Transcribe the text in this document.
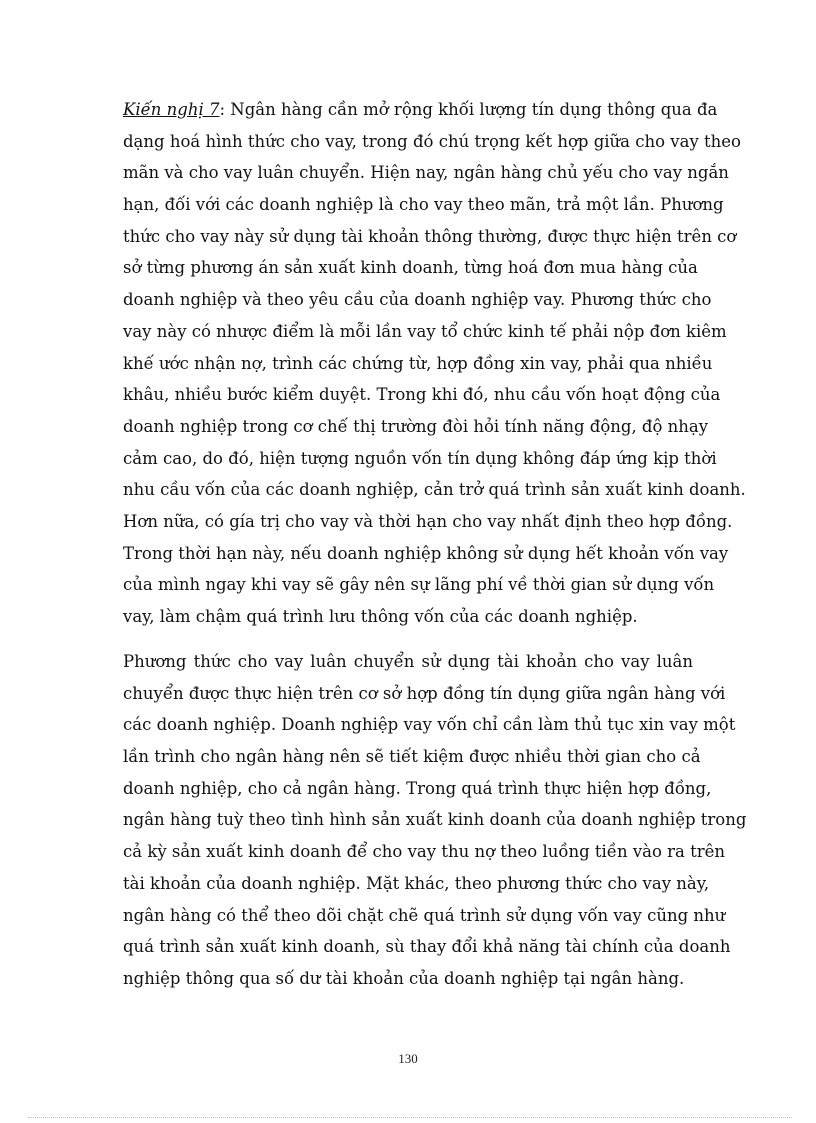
Kiến nghị 7: Ngân hàng cần mở rộng khối lượng tín dụng thông qua đa
dạng hoá hình thức cho vay, trong đó chú trọng kết hợp giữa cho vay theo
mãn và cho vay luân chuyển. Hiện nay, ngân hàng chủ yếu cho vay ngắn
hạn, đối với các doanh nghiệp là cho vay theo mãn, trả một lần. Phương
thức cho vay này sử dụng tài khoản thông thường, được thực hiện trên cơ
sở từng phương án sản xuất kinh doanh, từng hoá đơn mua hàng của
doanh nghiệp và theo yêu cầu của doanh nghiệp vay. Phương thức cho
vay này có nhược điểm là mỗi lần vay tổ chức kinh tế phải nộp đơn kiêm
khế ước nhận nợ, trình các chứng từ, hợp đồng xin vay, phải qua nhiều
khâu, nhiều bước kiểm duyệt. Trong khi đó, nhu cầu vốn hoạt động của
doanh nghiệp trong cơ chế thị trường đòi hỏi tính năng động, độ nhạy
cảm cao, do đó, hiện tượng nguồn vốn tín dụng không đáp ứng kịp thời
nhu cầu vốn của các doanh nghiệp, cản trở quá trình sản xuất kinh doanh.
Hơn nữa, có gía trị cho vay và thời hạn cho vay nhất định theo hợp đồng.
Trong thời hạn này, nếu doanh nghiệp không sử dụng hết khoản vốn vay
của mình ngay khi vay sẽ gây nên sự lãng phí về thời gian sử dụng vốn
vay, làm chậm quá trình lưu thông vốn của các doanh nghiệp.
Phương thức cho vay luân chuyển sử dụng tài khoản cho vay luân
chuyển được thực hiện trên cơ sở hợp đồng tín dụng giữa ngân hàng với
các doanh nghiệp. Doanh nghiệp vay vốn chỉ cần làm thủ tục xin vay một
lần trình cho ngân hàng nên sẽ tiết kiệm được nhiều thời gian cho cả
doanh nghiệp, cho cả ngân hàng. Trong quá trình thực hiện hợp đồng,
ngân hàng tuỳ theo tình hình sản xuất kinh doanh của doanh nghiệp trong
cả kỳ sản xuất kinh doanh để cho vay thu nợ theo luồng tiền vào ra trên
tài khoản của doanh nghiệp. Mặt khác, theo phương thức cho vay này,
ngân hàng có thể theo dõi chặt chẽ quá trình sử dụng vốn vay cũng như
quá trình sản xuất kinh doanh, sù thay đổi khả năng tài chính của doanh
nghiệp thông qua số dư tài khoản của doanh nghiệp tại ngân hàng.
130
